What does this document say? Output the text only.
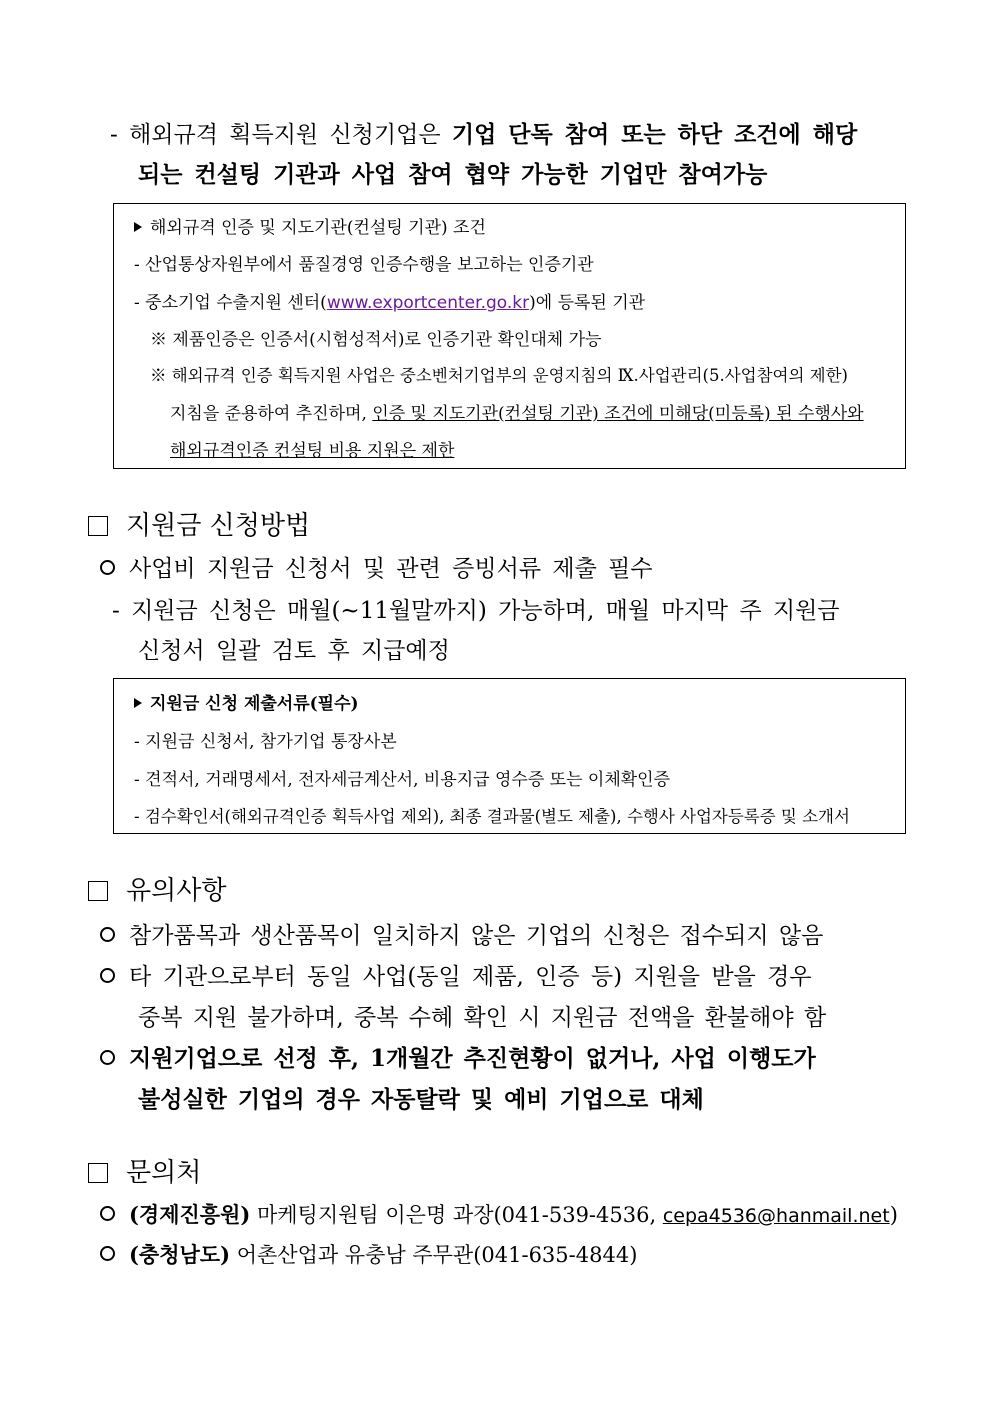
- 해외규격 획득지원 신청기업은 기업 단독 참여 또는 하단 조건에 해당
되는 컨설팅 기관과 사업 참여 협약 가능한 기업만 참여가능
해외규격 인증 및 지도기관(컨설팅 기관) 조건
- 산업통상자원부에서 품질경영 인증수행을 보고하는 인증기관
- 중소기업 수출지원 센터(www.exportcenter.go.kr)에 등록된 기관
※ 제품인증은 인증서(시험성적서)로 인증기관 확인대체 가능
※ 해외규격 인증 획득지원 사업은 중소벤처기업부의 운영지침의 Ⅸ.사업관리(5.사업참여의 제한)
지침을 준용하여 추진하며, 인증 및 지도기관(컨설팅 기관) 조건에 미해당(미등록) 된 수행사와
해외규격인증 컨설팅 비용 지원은 제한
지원금 신청방법
사업비 지원금 신청서 및 관련 증빙서류 제출 필수
- 지원금 신청은 매월(~11월말까지) 가능하며, 매월 마지막 주 지원금
신청서 일괄 검토 후 지급예정
지원금 신청 제출서류(필수)
- 지원금 신청서, 참가기업 통장사본
- 견적서, 거래명세서, 전자세금계산서, 비용지급 영수증 또는 이체확인증
- 검수확인서(해외규격인증 획득사업 제외), 최종 결과물(별도 제출), 수행사 사업자등록증 및 소개서
유의사항
참가품목과 생산품목이 일치하지 않은 기업의 신청은 접수되지 않음
타 기관으로부터 동일 사업(동일 제품, 인증 등) 지원을 받을 경우
중복 지원 불가하며, 중복 수혜 확인 시 지원금 전액을 환불해야 함
지원기업으로 선정 후, 1개월간 추진현황이 없거나, 사업 이행도가
불성실한 기업의 경우 자동탈락 및 예비 기업으로 대체
문의처
(경제진흥원) 마케팅지원팀 이은명 과장(041-539-4536, cepa4536@hanmail.net)
(충청남도) 어촌산업과 유충남 주무관(041-635-4844)
